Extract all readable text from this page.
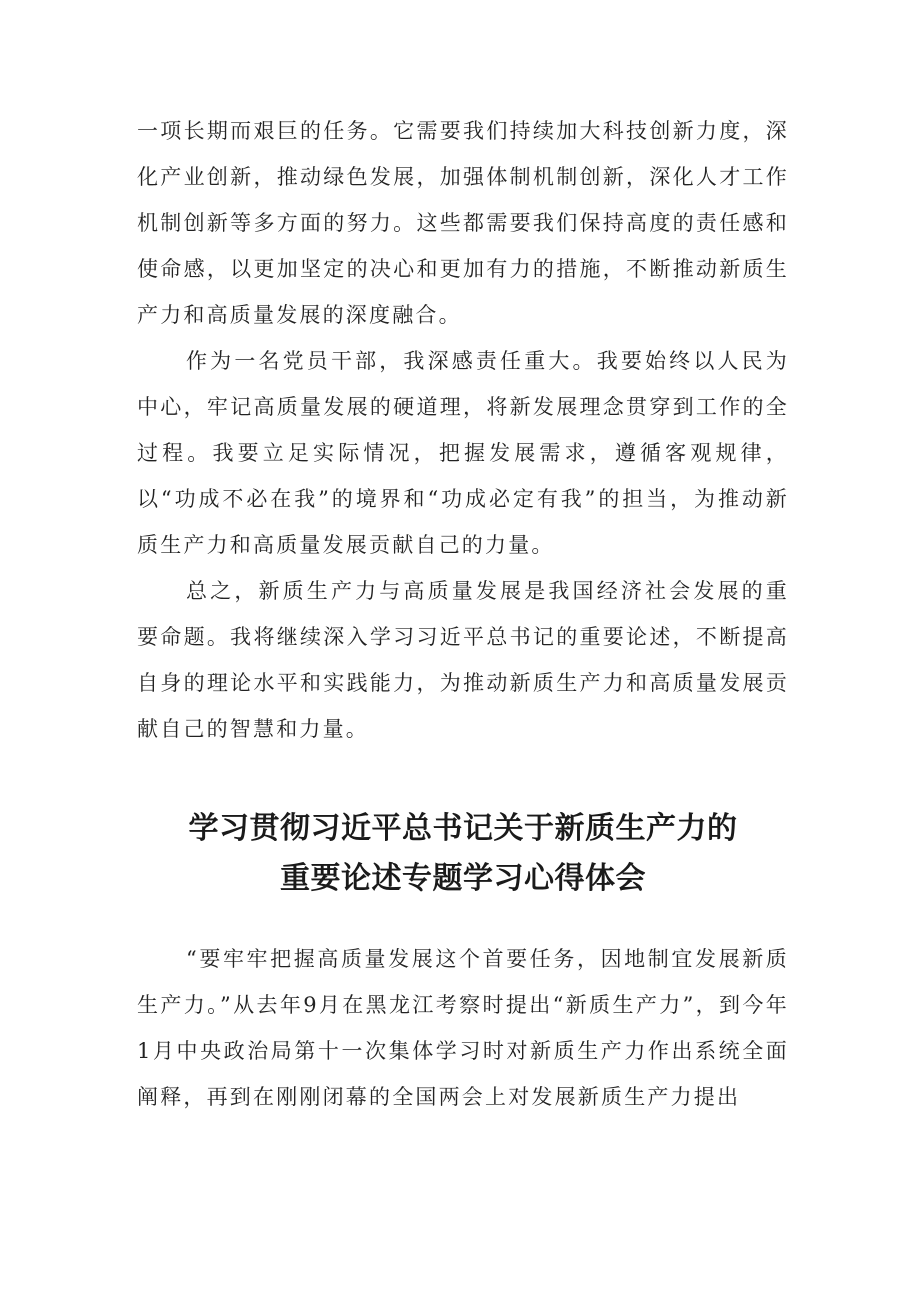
一项长期而艰巨的任务。它需要我们持续加大科技创新力度，深化产业创新，推动绿色发展，加强体制机制创新，深化人才工作机制创新等多方面的努力。这些都需要我们保持高度的责任感和使命感，以更加坚定的决心和更加有力的措施，不断推动新质生产力和高质量发展的深度融合。

作为一名党员干部，我深感责任重大。我要始终以人民为中心，牢记高质量发展的硬道理，将新发展理念贯穿到工作的全过程。我要立足实际情况，把握发展需求，遵循客观规律，以“功成不必在我”的境界和“功成必定有我”的担当，为推动新质生产力和高质量发展贡献自己的力量。

总之，新质生产力与高质量发展是我国经济社会发展的重要命题。我将继续深入学习习近平总书记的重要论述，不断提高自身的理论水平和实践能力，为推动新质生产力和高质量发展贡献自己的智慧和力量。

学习贯彻习近平总书记关于新质生产力的
重要论述专题学习心得体会

“要牢牢把握高质量发展这个首要任务，因地制宜发展新质生产力。”从去年9月在黑龙江考察时提出“新质生产力”，到今年1月中央政治局第十一次集体学习时对新质生产力作出系统全面阐释，再到在刚刚闭幕的全国两会上对发展新质生产力提出
